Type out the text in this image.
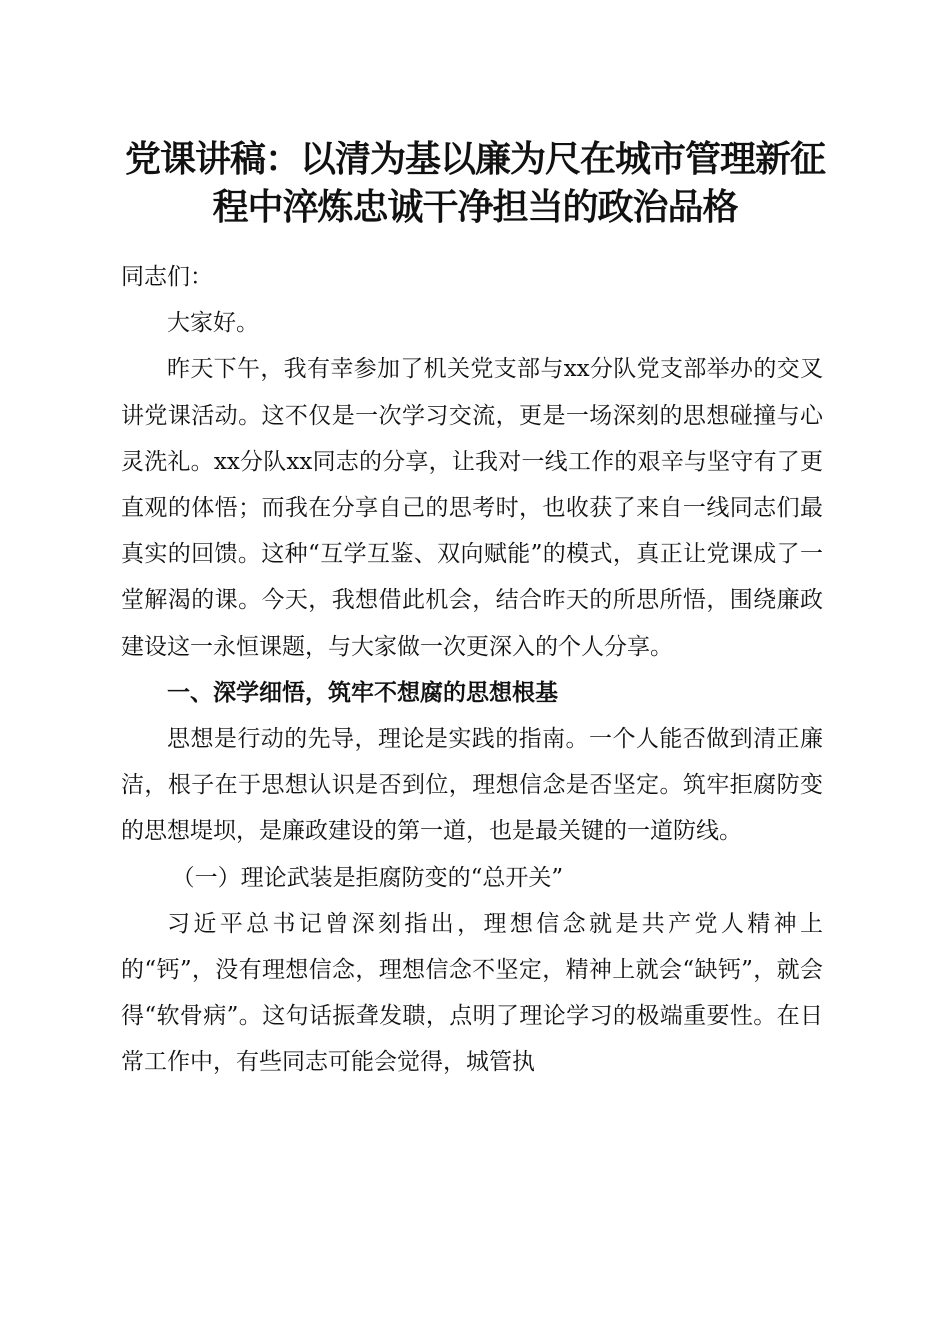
党课讲稿：以清为基以廉为尺在城市管理新征
程中淬炼忠诚干净担当的政治品格

同志们：

大家好。

昨天下午，我有幸参加了机关党支部与xx分队党支部举办的交叉讲党课活动。这不仅是一次学习交流，更是一场深刻的思想碰撞与心灵洗礼。xx分队xx同志的分享，让我对一线工作的艰辛与坚守有了更直观的体悟；而我在分享自己的思考时，也收获了来自一线同志们最真实的回馈。这种“互学互鉴、双向赋能”的模式，真正让党课成了一堂解渴的课。今天，我想借此机会，结合昨天的所思所悟，围绕廉政建设这一永恒课题，与大家做一次更深入的个人分享。

一、深学细悟，筑牢不想腐的思想根基

思想是行动的先导，理论是实践的指南。一个人能否做到清正廉洁，根子在于思想认识是否到位，理想信念是否坚定。筑牢拒腐防变的思想堤坝，是廉政建设的第一道，也是最关键的一道防线。

（一）理论武装是拒腐防变的“总开关”

习近平总书记曾深刻指出，理想信念就是共产党人精神上的“钙”，没有理想信念，理想信念不坚定，精神上就会“缺钙”，就会得“软骨病”。这句话振聋发聩，点明了理论学习的极端重要性。在日常工作中，有些同志可能会觉得，城管执
